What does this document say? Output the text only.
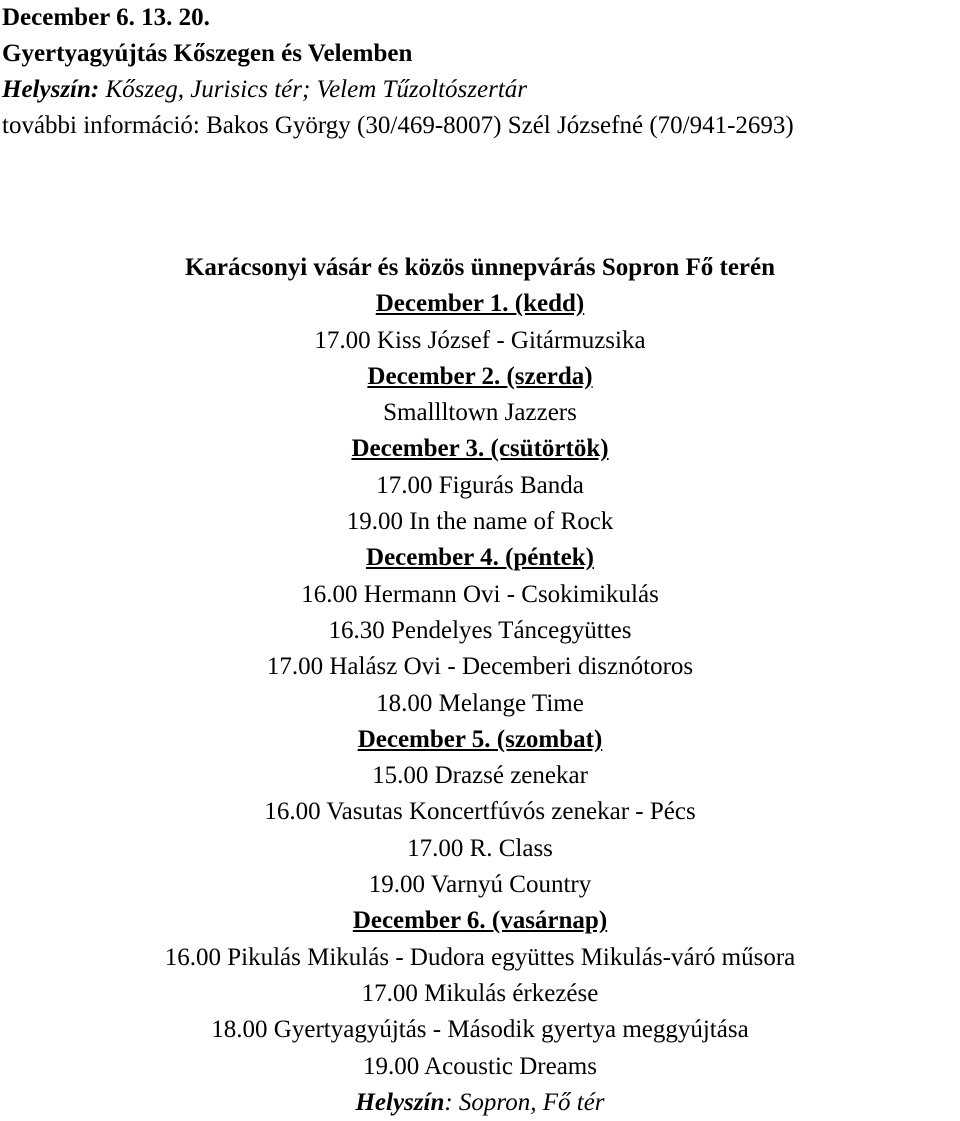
December 6. 13. 20.
Gyertyagyújtás Kőszegen és Velemben
Helyszín: Kőszeg, Jurisics tér; Velem Tűzoltószertár
további információ: Bakos György (30/469-8007) Szél Józsefné (70/941-2693)
Karácsonyi vásár és közös ünnepvárás Sopron Fő terén
December 1. (kedd)
17.00 Kiss József - Gitármuzsika
December 2. (szerda)
Smallltown Jazzers
December 3. (csütörtök)
17.00 Figurás Banda
19.00 In the name of Rock
December 4. (péntek)
16.00 Hermann Ovi - Csokimikulás
16.30 Pendelyes Táncegyüttes
17.00 Halász Ovi - Decemberi disznótoros
18.00 Melange Time
December 5. (szombat)
15.00 Drazsé zenekar
16.00 Vasutas Koncertfúvós zenekar - Pécs
17.00 R. Class
19.00 Varnyú Country
December 6. (vasárnap)
16.00 Pikulás Mikulás - Dudora együttes Mikulás-váró műsora
17.00 Mikulás érkezése
18.00 Gyertyagyújtás - Második gyertya meggyújtása
19.00 Acoustic Dreams
Helyszín: Sopron, Fő tér
